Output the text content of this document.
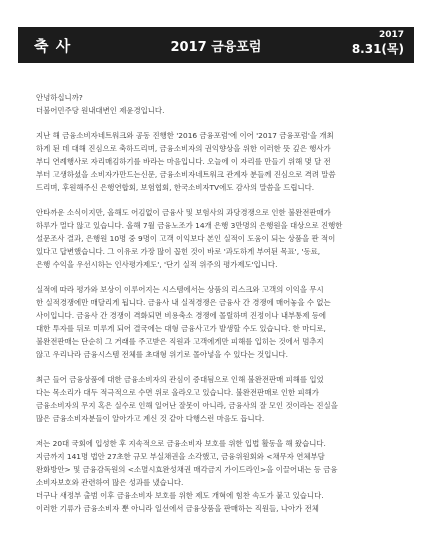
축 사	2017 금융포럼
2017
8.31(목)
안녕하십니까?
더불어민주당 원내대변인 제윤경입니다.
지난 해 금융소비자네트워크와 공동 진행한 '2016 금융포럼'에 이어 '2017 금융포럼'을 개최
하게 된 데 대해 진심으로 축하드리며, 금융소비자의 권익향상을 위한 이러한 뜻 깊은 행사가
부디 연례행사로 자리매김하기를 바라는 마음입니다. 오늘에 이 자리를 만들기 위해 몇 달 전
부터 고생하셨을 소비자가만드는신문, 금융소비자네트워크 관계자 분들께 진심으로 격려 말씀
드리며, 후원해주신 은행연합회, 보험협회, 한국소비자TV에도 감사의 말씀을 드립니다.
안타까운 소식이지만, 올해도 어김없이 금융사 및 보험사의 과당경쟁으로 인한 불완전판매가
하루가 멀다 않고 있습니다. 올해 7월 금융노조가 14개 은행 3만명의 은행원을 대상으로 진행한
설문조사 결과, 은행원 10명 중 9명이 고객 이익보다 본인 실적이 도움이 되는 상품을 판 적이
있다고 답변했습니다. 그 이유로 가장 많이 꼽힌 것이 바로 '과도하게 부여된 목표', '동료,
은행 수익을 우선시하는 인사평가제도', '단기 실적 위주의 평가제도'입니다.
실적에 따라 평가와 보상이 이루어지는 시스템에서는 상품의 리스크와 고객의 이익을 무시
한 실적경쟁에만 매달리게 됩니다. 금융사 내 실적경쟁은 금융사 간 경쟁에 매어놓을 수 없는
사이입니다. 금융사 간 경쟁이 격화되면 비용축소 경쟁에 몰릴하며 진정이나 내부통제 등에
대한 투자를 뒤로 미루게 되어 결국에는 대형 금융사고가 발생할 수도 있습니다. 한 마디로,
불완전판매는 단순히 그 거래를 주고받은 직원과 고객에게만 피해를 입히는 것에서 멈추지
않고 우리나라 금융시스템 전체를 초대형 위기로 몰아넣을 수 있다는 것입니다.
최근 들어 금융상품에 대한 금융소비자의 관심이 증대됨으로 인해 불완전판매 피해를 입었
다는 목소리가 대두 적극적으로 수면 위로 올라오고 있습니다. 불완전판매로 인한 피해가
금융소비자의 무지 혹은 실수로 인해 일어난 잘못이 아니라, 금융사의 잘 모인 것이라는 진실을
많은 금융소비자분들이 알아가고 계신 것 같아 다행스런 마음도 듭니다.
저는 20대 국회에 입성한 후 지속적으로 금융소비자 보호를 위한 입법 활동을 해 왔습니다.
지금까지 141명 법안 27초한 규모 부실채권을 소각했고, 금융위원회와 <채무자 연체부담
완화방안> 및 금융감독원의 <소멸시효완성채권 매각금지 가이드라인>을 이끌어내는 등 금융
소비자보호와 관련하여 많은 성과를 냈습니다.
더구나 새정부 출범 이후 금융소비자 보호를 위한 제도 개혁에 힘찬 속도가 붙고 있습니다.
이러한 기류가 금융소비자 뿐 아니라 일선에서 금융상품을 판매하는 직원들, 나아가 전체
